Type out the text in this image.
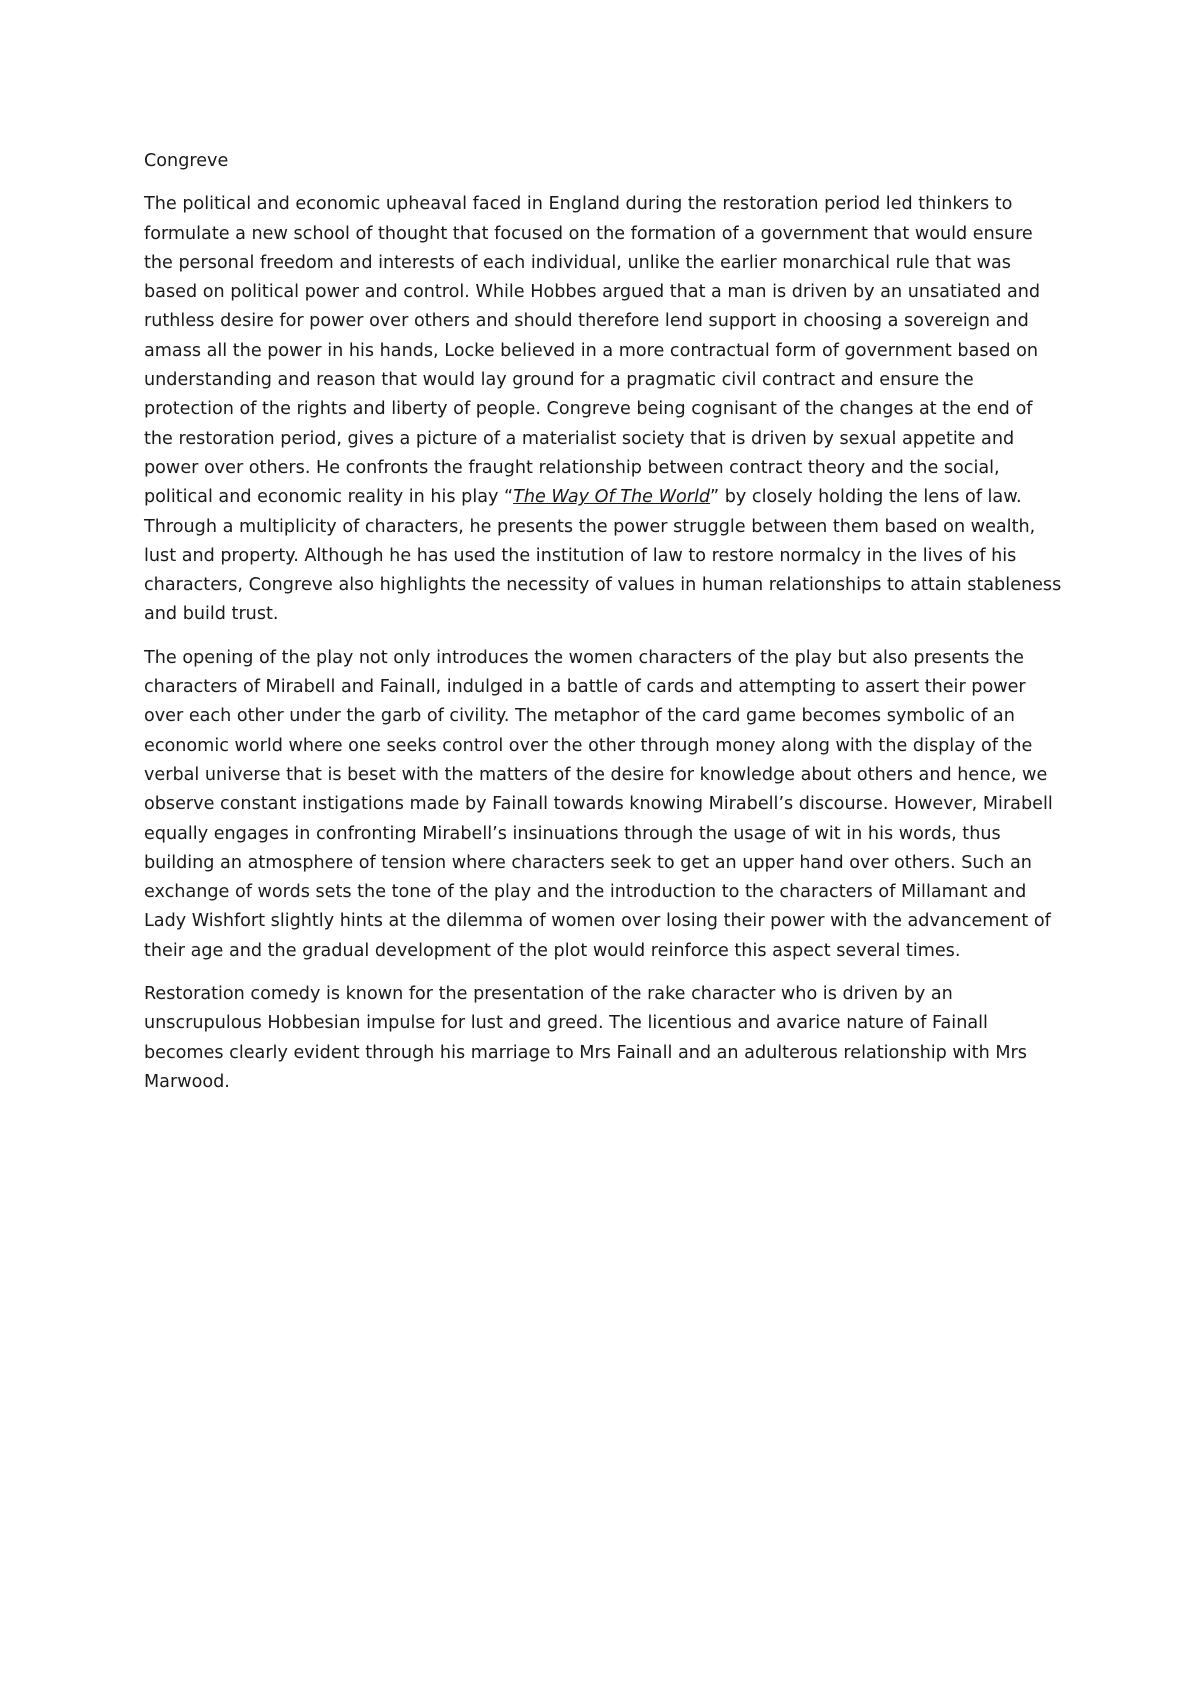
Congreve

The political and economic upheaval faced in England during the restoration period led thinkers to formulate a new school of thought that focused on the formation of a government that would ensure the personal freedom and interests of each individual, unlike the earlier monarchical rule that was based on political power and control. While Hobbes argued that a man is driven by an unsatiated and ruthless desire for power over others and should therefore lend support in choosing a sovereign and amass all the power in his hands, Locke believed in a more contractual form of government based on understanding and reason that would lay ground for a pragmatic civil contract and ensure the protection of the rights and liberty of people. Congreve being cognisant of the changes at the end of the restoration period, gives a picture of a materialist society that is driven by sexual appetite and power over others. He confronts the fraught relationship between contract theory and the social, political and economic reality in his play “The Way Of The World” by closely holding the lens of law. Through a multiplicity of characters, he presents the power struggle between them based on wealth, lust and property. Although he has used the institution of law to restore normalcy in the lives of his characters, Congreve also highlights the necessity of values in human relationships to attain stableness and build trust.

The opening of the play not only introduces the women characters of the play but also presents the characters of Mirabell and Fainall, indulged in a battle of cards and attempting to assert their power over each other under the garb of civility. The metaphor of the card game becomes symbolic of an economic world where one seeks control over the other through money along with the display of the verbal universe that is beset with the matters of the desire for knowledge about others and hence, we observe constant instigations made by Fainall towards knowing Mirabell’s discourse. However, Mirabell equally engages in confronting Mirabell’s insinuations through the usage of wit in his words, thus building an atmosphere of tension where characters seek to get an upper hand over others. Such an exchange of words sets the tone of the play and the introduction to the characters of Millamant and Lady Wishfort slightly hints at the dilemma of women over losing their power with the advancement of their age and the gradual development of the plot would reinforce this aspect several times.

Restoration comedy is known for the presentation of the rake character who is driven by an unscrupulous Hobbesian impulse for lust and greed. The licentious and avarice nature of Fainall becomes clearly evident through his marriage to Mrs Fainall and an adulterous relationship with Mrs Marwood.
